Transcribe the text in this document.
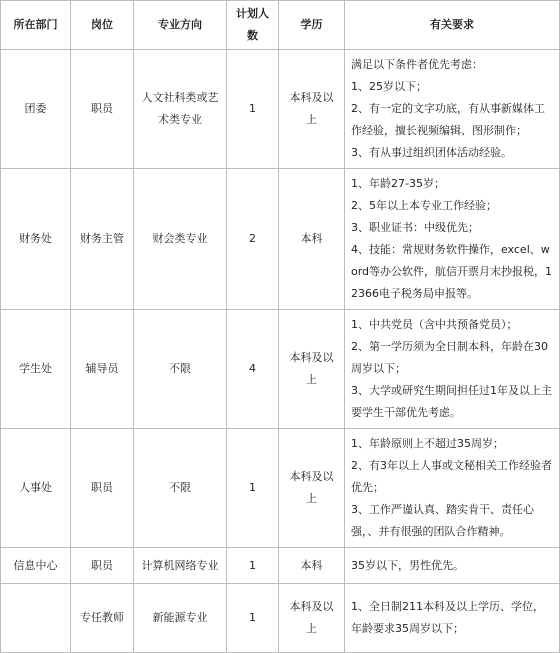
所在部门	岗位	专业方向	计划人数	学历	有关要求
团委	职员	人文社科类或艺术类专业	1	本科及以上	满足以下条件者优先考虑：
1、25岁以下；
2、有一定的文字功底，有从事新媒体工作经验，擅长视频编辑、图形制作；
3、有从事过组织团体活动经验。

财务处	财务主管	财会类专业	2	本科	1、年龄27-35岁；
2、5年以上本专业工作经验；
3、职业证书：中级优先；
4、技能：常规财务软件操作，excel、word等办公软件，航信开票月末抄报税，12366电子税务局申报等。

学生处	辅导员	不限	4	本科及以上	1、中共党员（含中共预备党员）；
2、第一学历须为全日制本科，年龄在30周岁以下；
3、大学或研究生期间担任过1年及以上主要学生干部优先考虑。

人事处	职员	不限	1	本科及以上	1、年龄原则上不超过35周岁；
2、有3年以上人事或文秘相关工作经验者优先；
3、工作严谨认真、踏实肯干、责任心强，、并有很强的团队合作精神。

信息中心	职员	计算机网络专业	1	本科	35岁以下，男性优先。

	专任教师	新能源专业	1	本科及以上	1、全日制211本科及以上学历、学位，年龄要求35周岁以下；
